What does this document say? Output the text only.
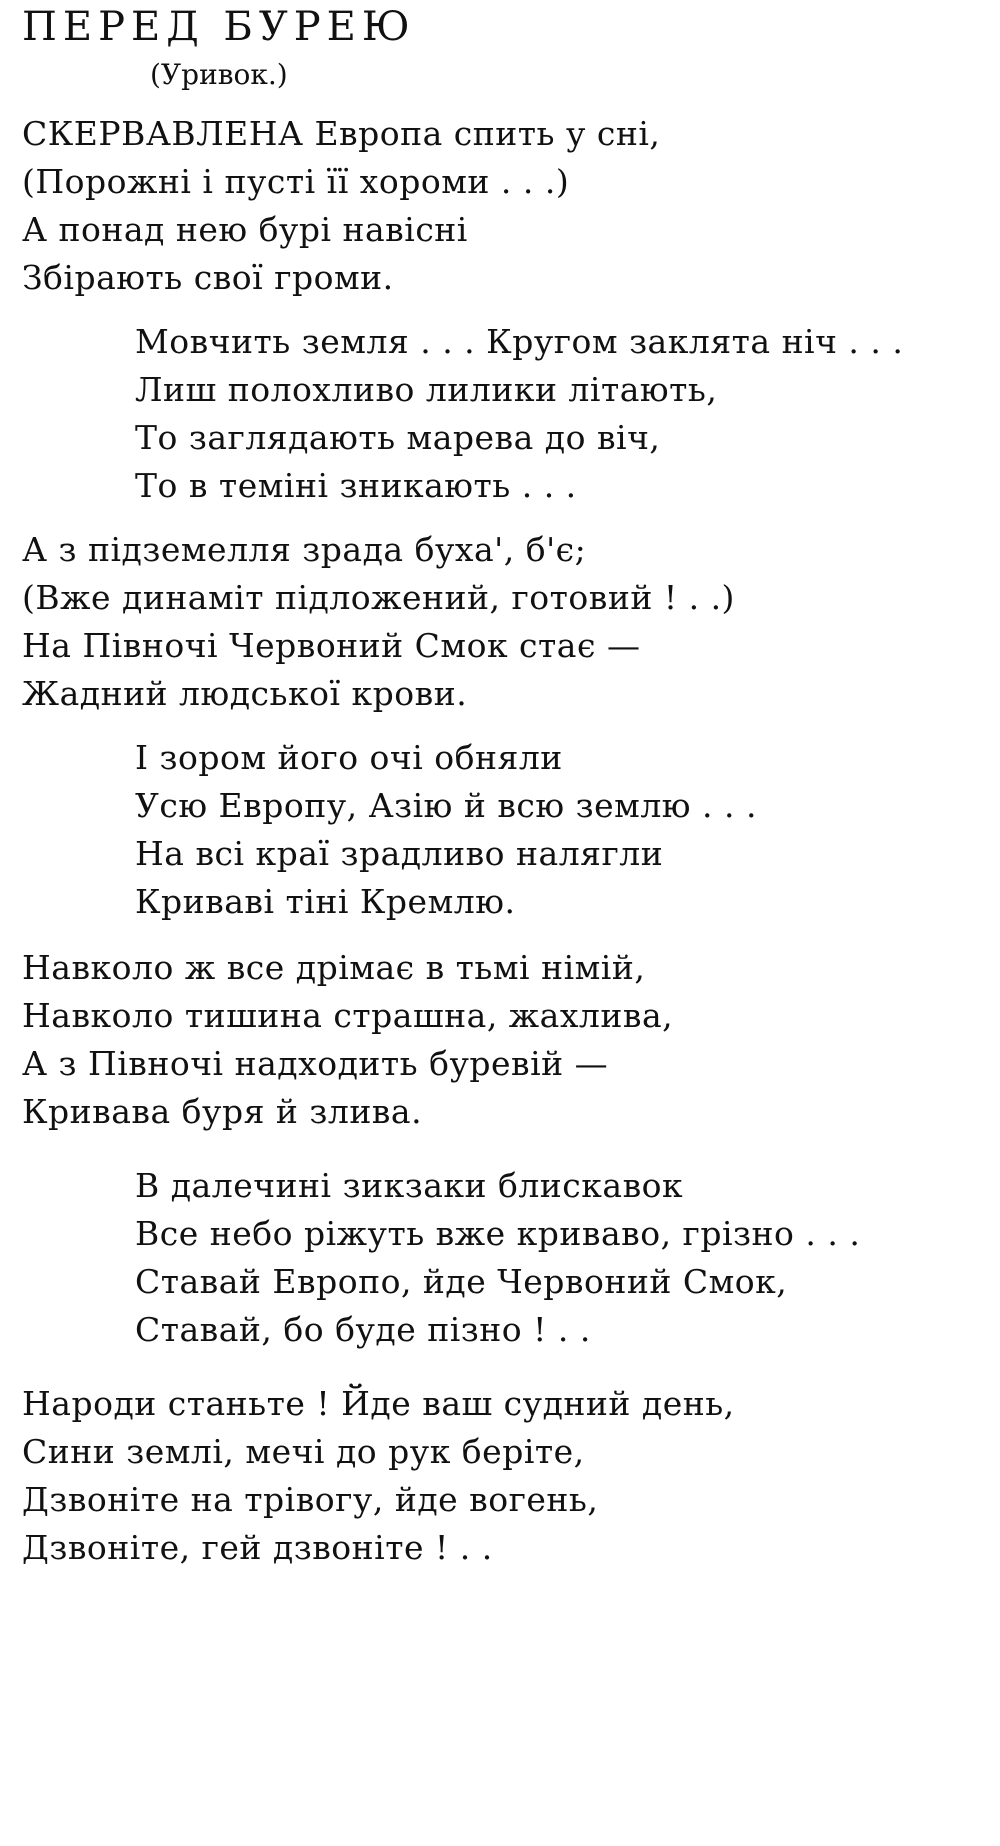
ПЕРЕД БУРЕЮ
(Уривок.)
СКЕРВАВЛЕНА Европа спить у сні,
(Порожні і пусті її хороми . . .)
А понад нею бурі навісні
Збірають свої громи.
Мовчить земля . . . Кругом заклята ніч . . .
Лиш полохливо лилики літають,
То заглядають марева до віч,
То в теміні зникають . . .
А з підземелля зрада буха', б'є;
(Вже динаміт підложений, готовий ! . .)
На Півночі Червоний Смок стає —
Жадний людської крови.
І зором його очі обняли
Усю Европу, Азію й всю землю . . .
На всі краї зрадливо налягли
Криваві тіні Кремлю.
Навколо ж все дрімає в тьмі німій,
Навколо тишина страшна, жахлива,
А з Півночі надходить буревій —
Кривава буря й злива.
В далечині зикзаки блискавок
Все небо ріжуть вже криваво, грізно . . .
Ставай Европо, йде Червоний Смок,
Ставай, бо буде пізно ! . .
Народи станьте ! Йде ваш судний день,
Сини землі, мечі до рук беріте,
Дзвоніте на трівогу, йде вогень,
Дзвоніте, гей дзвоніте ! . .
